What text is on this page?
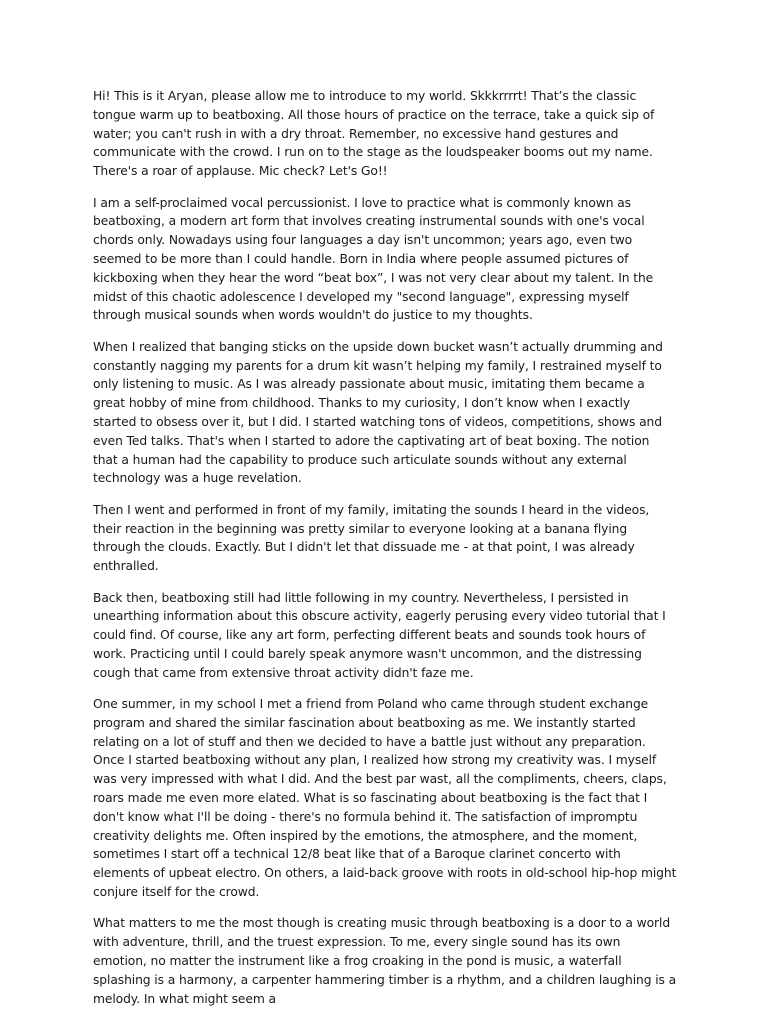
Hi! This is it Aryan, please allow me to introduce to my world. Skkkrrrrt! That’s the classic tongue warm up to beatboxing. All those hours of practice on the terrace, take a quick sip of water; you can't rush in with a dry throat. Remember, no excessive hand gestures and communicate with the crowd. I run on to the stage as the loudspeaker booms out my name. There's a roar of applause. Mic check? Let's Go!!

I am a self-proclaimed vocal percussionist. I love to practice what is commonly known as beatboxing, a modern art form that involves creating instrumental sounds with one's vocal chords only. Nowadays using four languages a day isn't uncommon; years ago, even two seemed to be more than I could handle. Born in India where people assumed pictures of kickboxing when they hear the word “beat box”, I was not very clear about my talent. In the midst of this chaotic adolescence I developed my "second language", expressing myself through musical sounds when words wouldn't do justice to my thoughts.

When I realized that banging sticks on the upside down bucket wasn’t actually drumming and constantly nagging my parents for a drum kit wasn’t helping my family, I restrained myself to only listening to music. As I was already passionate about music, imitating them became a great hobby of mine from childhood. Thanks to my curiosity, I don’t know when I exactly started to obsess over it, but I did. I started watching tons of videos, competitions, shows and even Ted talks. That's when I started to adore the captivating art of beat boxing. The notion that a human had the capability to produce such articulate sounds without any external technology was a huge revelation.

Then I went and performed in front of my family, imitating the sounds I heard in the videos, their reaction in the beginning was pretty similar to everyone looking at a banana flying through the clouds. Exactly. But I didn't let that dissuade me - at that point, I was already enthralled.

Back then, beatboxing still had little following in my country. Nevertheless, I persisted in unearthing information about this obscure activity, eagerly perusing every video tutorial that I could find. Of course, like any art form, perfecting different beats and sounds took hours of work. Practicing until I could barely speak anymore wasn't uncommon, and the distressing cough that came from extensive throat activity didn't faze me.

One summer, in my school I met a friend from Poland who came through student exchange program and shared the similar fascination about beatboxing as me. We instantly started relating on a lot of stuff and then we decided to have a battle just without any preparation. Once I started beatboxing without any plan, I realized how strong my creativity was. I myself was very impressed with what I did. And the best par wast, all the compliments, cheers, claps, roars made me even more elated. What is so fascinating about beatboxing is the fact that I don't know what I'll be doing - there's no formula behind it. The satisfaction of impromptu creativity delights me. Often inspired by the emotions, the atmosphere, and the moment, sometimes I start off a technical 12/8 beat like that of a Baroque clarinet concerto with elements of upbeat electro. On others, a laid-back groove with roots in old-school hip-hop might conjure itself for the crowd.

What matters to me the most though is creating music through beatboxing is a door to a world with adventure, thrill, and the truest expression. To me, every single sound has its own emotion, no matter the instrument like a frog croaking in the pond is music, a waterfall splashing is a harmony, a carpenter hammering timber is a rhythm, and a children laughing is a melody. In what might seem a
